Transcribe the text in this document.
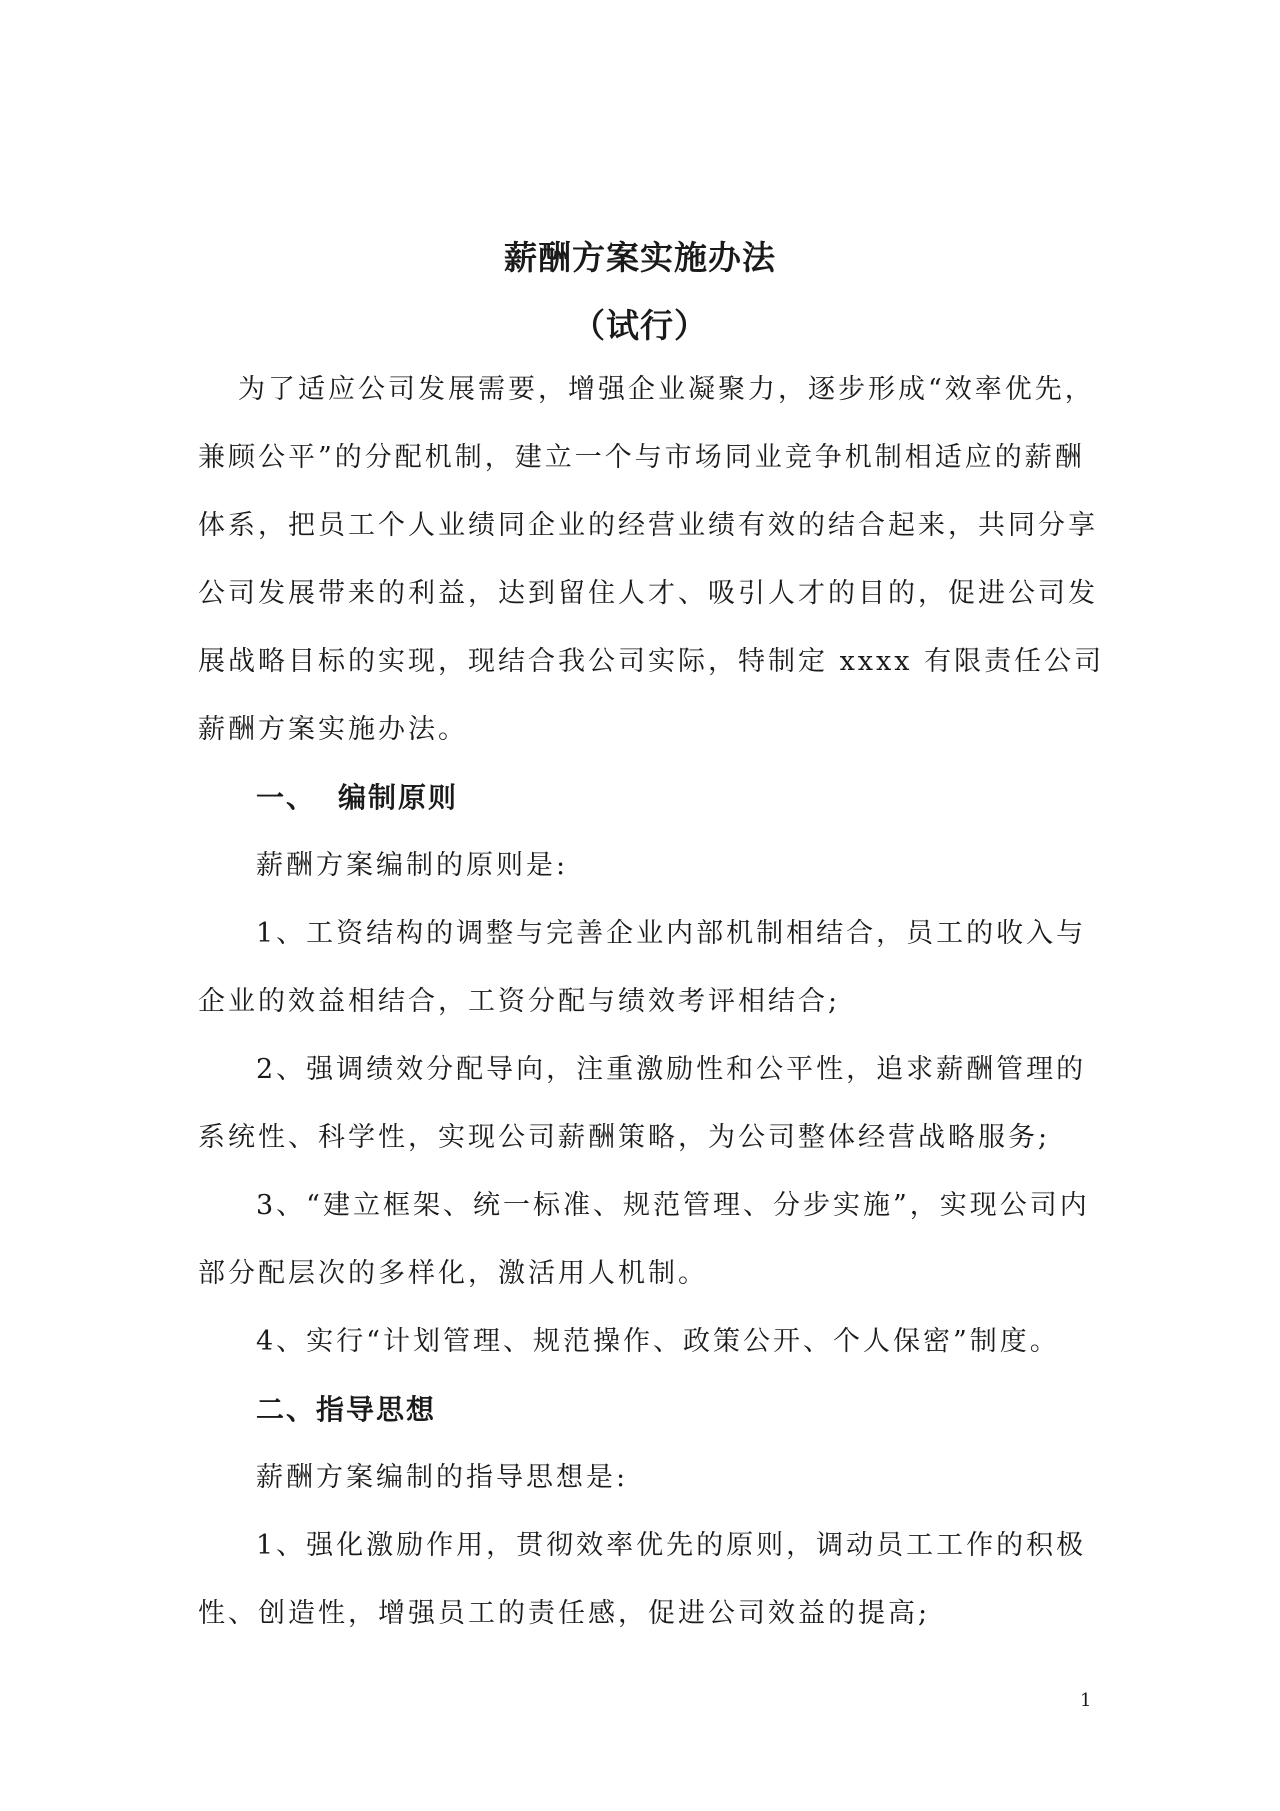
薪酬方案实施办法
（试行）
为了适应公司发展需要，增强企业凝聚力，逐步形成“效率优先，
兼顾公平”的分配机制，建立一个与市场同业竞争机制相适应的薪酬
体系，把员工个人业绩同企业的经营业绩有效的结合起来，共同分享
公司发展带来的利益，达到留住人才、吸引人才的目的，促进公司发
展战略目标的实现，现结合我公司实际，特制定 xxxx 有限责任公司
薪酬方案实施办法。
一、 编制原则
薪酬方案编制的原则是:
1、工资结构的调整与完善企业内部机制相结合，员工的收入与
企业的效益相结合，工资分配与绩效考评相结合;
2、强调绩效分配导向，注重激励性和公平性，追求薪酬管理的
系统性、科学性，实现公司薪酬策略，为公司整体经营战略服务;
3、“建立框架、统一标准、规范管理、分步实施”，实现公司内
部分配层次的多样化，激活用人机制。
4、实行“计划管理、规范操作、政策公开、个人保密”制度。
二、指导思想
薪酬方案编制的指导思想是:
1、强化激励作用，贯彻效率优先的原则，调动员工工作的积极
性、创造性，增强员工的责任感，促进公司效益的提高;
1
